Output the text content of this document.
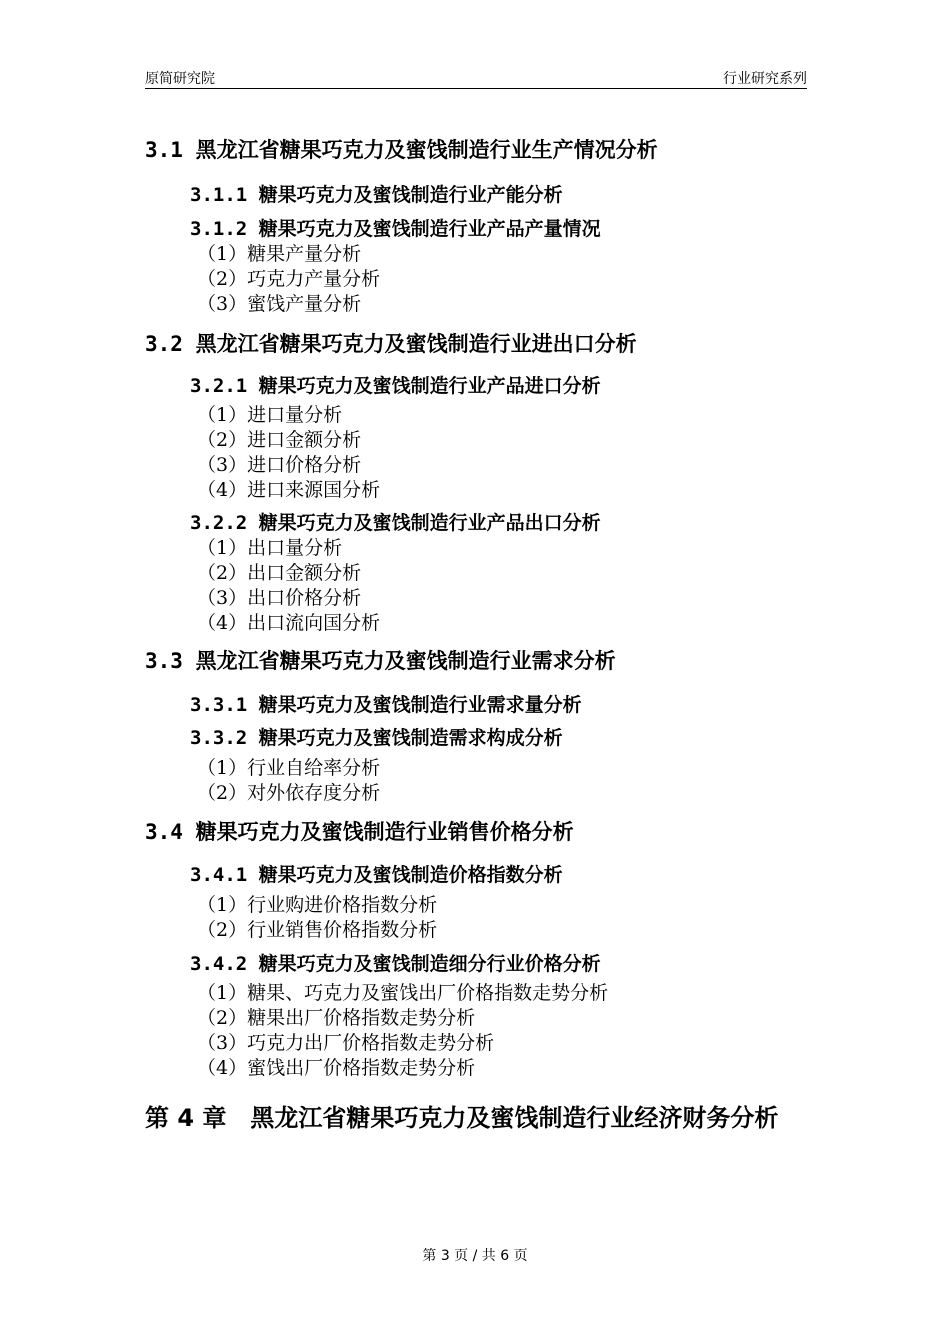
原简研究院	行业研究系列
3.1 黑龙江省糖果巧克力及蜜饯制造行业生产情况分析
3.1.1 糖果巧克力及蜜饯制造行业产能分析
3.1.2 糖果巧克力及蜜饯制造行业产品产量情况
（1）糖果产量分析
（2）巧克力产量分析
（3）蜜饯产量分析
3.2 黑龙江省糖果巧克力及蜜饯制造行业进出口分析
3.2.1 糖果巧克力及蜜饯制造行业产品进口分析
（1）进口量分析
（2）进口金额分析
（3）进口价格分析
（4）进口来源国分析
3.2.2 糖果巧克力及蜜饯制造行业产品出口分析
（1）出口量分析
（2）出口金额分析
（3）出口价格分析
（4）出口流向国分析
3.3 黑龙江省糖果巧克力及蜜饯制造行业需求分析
3.3.1 糖果巧克力及蜜饯制造行业需求量分析
3.3.2 糖果巧克力及蜜饯制造需求构成分析
（1）行业自给率分析
（2）对外依存度分析
3.4 糖果巧克力及蜜饯制造行业销售价格分析
3.4.1 糖果巧克力及蜜饯制造价格指数分析
（1）行业购进价格指数分析
（2）行业销售价格指数分析
3.4.2 糖果巧克力及蜜饯制造细分行业价格分析
（1）糖果、巧克力及蜜饯出厂价格指数走势分析
（2）糖果出厂价格指数走势分析
（3）巧克力出厂价格指数走势分析
（4）蜜饯出厂价格指数走势分析
第 4 章　黑龙江省糖果巧克力及蜜饯制造行业经济财务分析
第 3 页 / 共 6 页
